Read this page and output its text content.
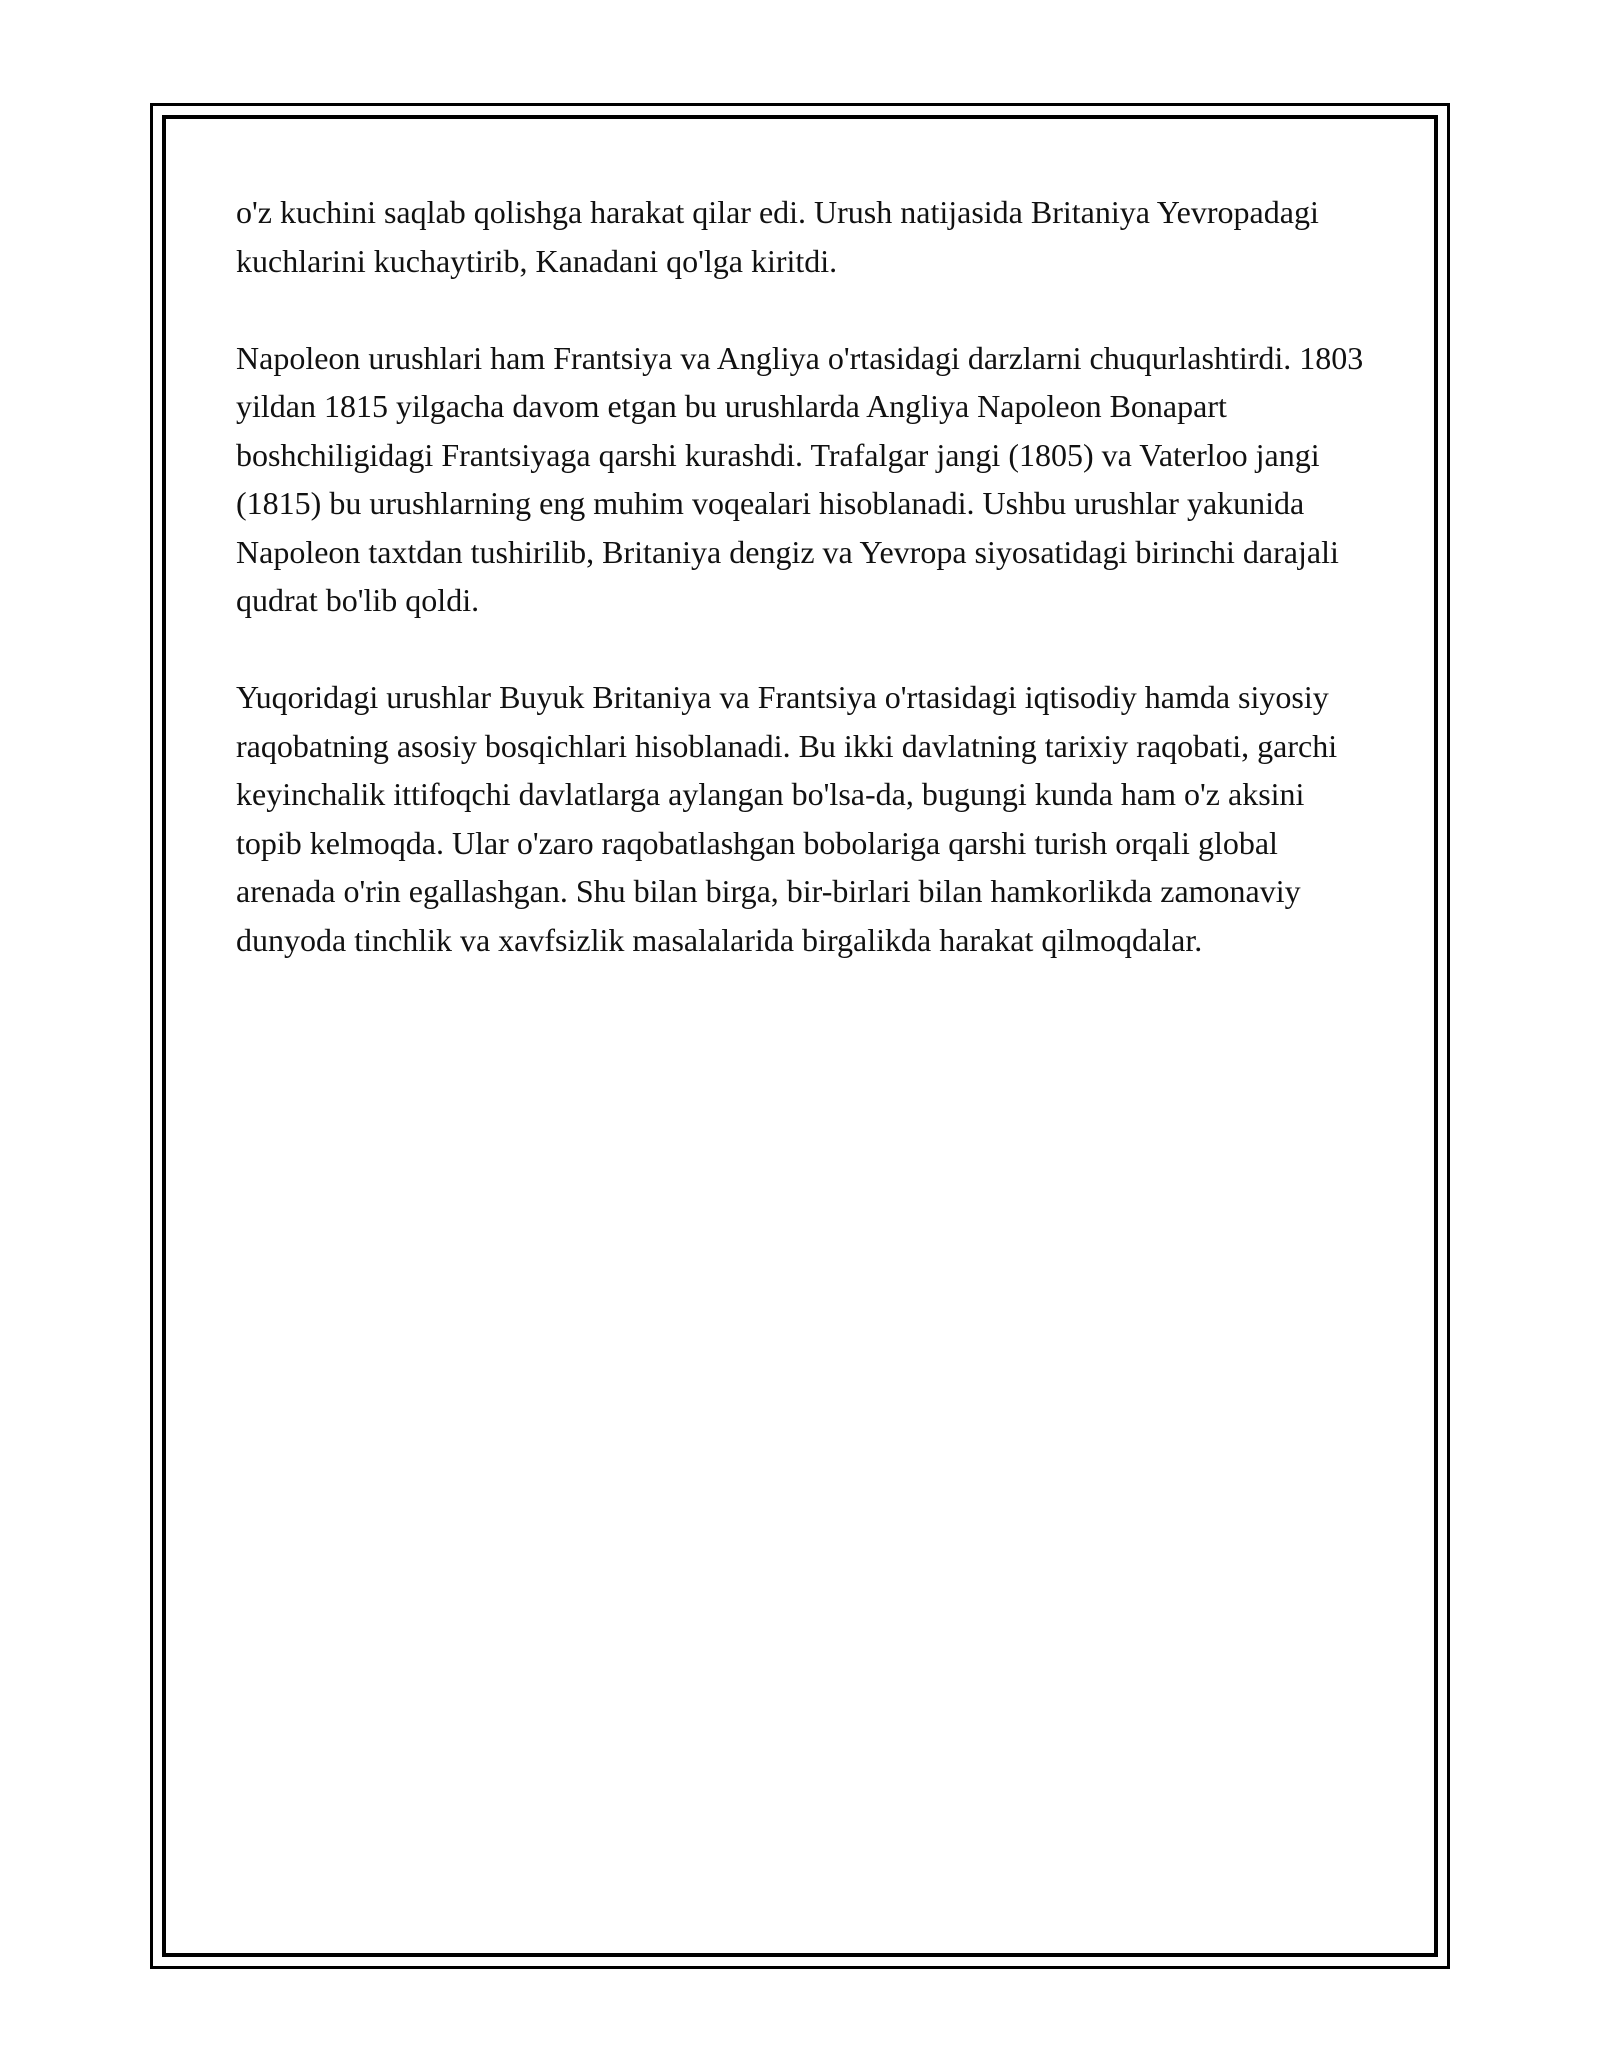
o'z kuchini saqlab qolishga harakat qilar edi. Urush natijasida Britaniya Yevropadagi kuchlarini kuchaytirib, Kanadani qo'lga kiritdi.

Napoleon urushlari ham Frantsiya va Angliya o'rtasidagi darzlarni chuqurlashtirdi. 1803 yildan 1815 yilgacha davom etgan bu urushlarda Angliya Napoleon Bonapart boshchiligidagi Frantsiyaga qarshi kurashdi. Trafalgar jangi (1805) va Vaterloo jangi (1815) bu urushlarning eng muhim voqealari hisoblanadi. Ushbu urushlar yakunida Napoleon taxtdan tushirilib, Britaniya dengiz va Yevropa siyosatidagi birinchi darajali qudrat bo'lib qoldi.

Yuqoridagi urushlar Buyuk Britaniya va Frantsiya o'rtasidagi iqtisodiy hamda siyosiy raqobatning asosiy bosqichlari hisoblanadi. Bu ikki davlatning tarixiy raqobati, garchi keyinchalik ittifoqchi davlatlarga aylangan bo'lsa-da, bugungi kunda ham o'z aksini topib kelmoqda. Ular o'zaro raqobatlashgan bobolariga qarshi turish orqali global arenada o'rin egallashgan. Shu bilan birga, bir-birlari bilan hamkorlikda zamonaviy dunyoda tinchlik va xavfsizlik masalalarida birgalikda harakat qilmoqdalar.
